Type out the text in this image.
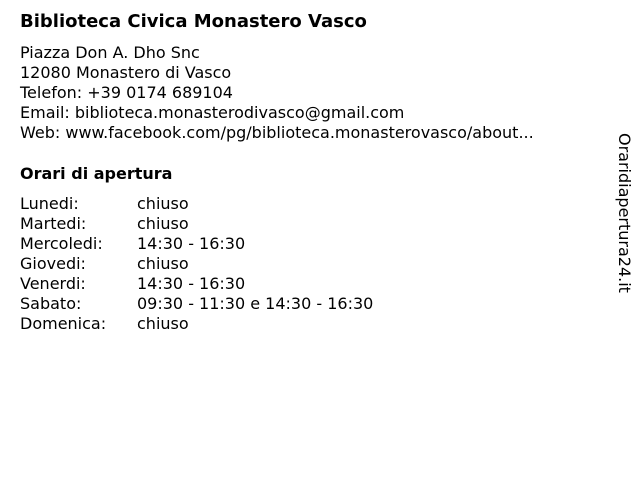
Biblioteca Civica Monastero Vasco
Piazza Don A. Dho Snc
12080 Monastero di Vasco
Telefon: +39 0174 689104
Email: biblioteca.monasterodivasco@gmail.com
Web: www.facebook.com/pg/biblioteca.monasterovasco/about...
Orari di apertura
Lunedi:	chiuso
Martedi:	chiuso
Mercoledi:	14:30 - 16:30
Giovedi:	chiuso
Venerdi:	14:30 - 16:30
Sabato:	09:30 - 11:30 e 14:30 - 16:30
Domenica:	chiuso
Oraridiapertura24.it
